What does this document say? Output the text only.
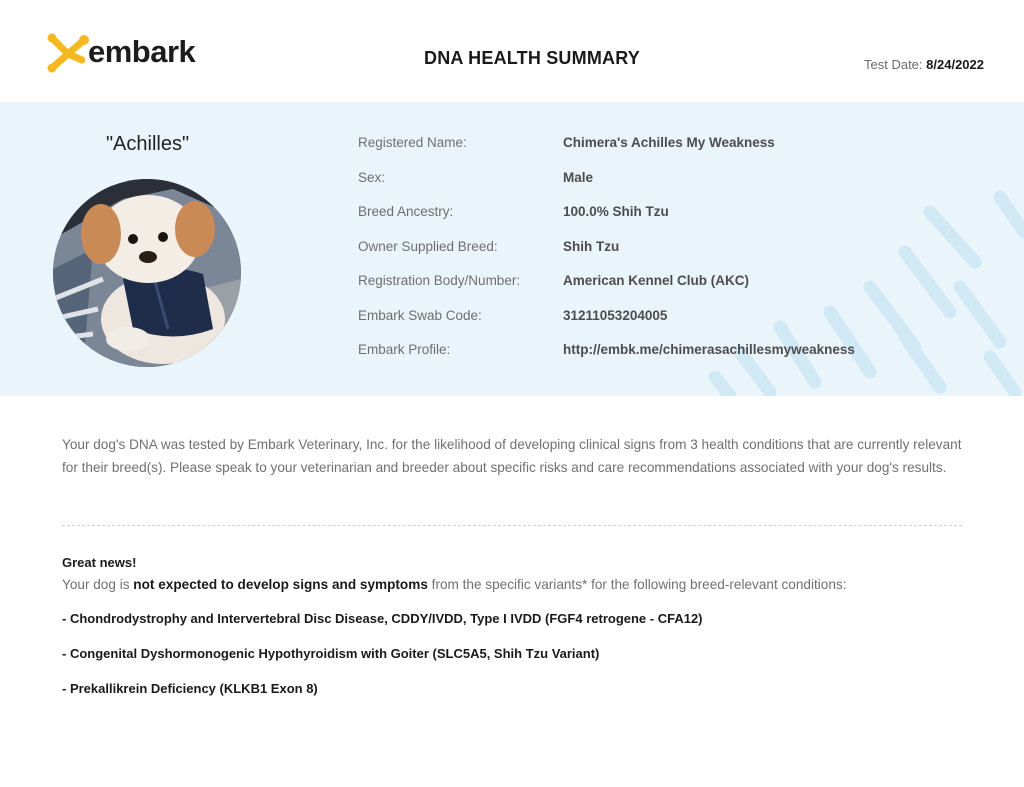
embark	DNA HEALTH SUMMARY	Test Date: 8/24/2022
"Achilles"	Registered Name:	Chimera's Achilles My Weakness
Sex:	Male
Breed Ancestry:	100.0% Shih Tzu
Owner Supplied Breed:	Shih Tzu
Registration Body/Number:	American Kennel Club (AKC)
Embark Swab Code:	31211053204005
Embark Profile:	http://embk.me/chimerasachillesmyweakness
Your dog's DNA was tested by Embark Veterinary, Inc. for the likelihood of developing clinical signs from 3 health conditions that are currently relevant for their breed(s). Please speak to your veterinarian and breeder about specific risks and care recommendations associated with your dog's results.
Great news!
Your dog is not expected to develop signs and symptoms from the specific variants* for the following breed-relevant conditions:
- Chondrodystrophy and Intervertebral Disc Disease, CDDY/IVDD, Type I IVDD (FGF4 retrogene - CFA12)
- Congenital Dyshormonogenic Hypothyroidism with Goiter (SLC5A5, Shih Tzu Variant)
- Prekallikrein Deficiency (KLKB1 Exon 8)
